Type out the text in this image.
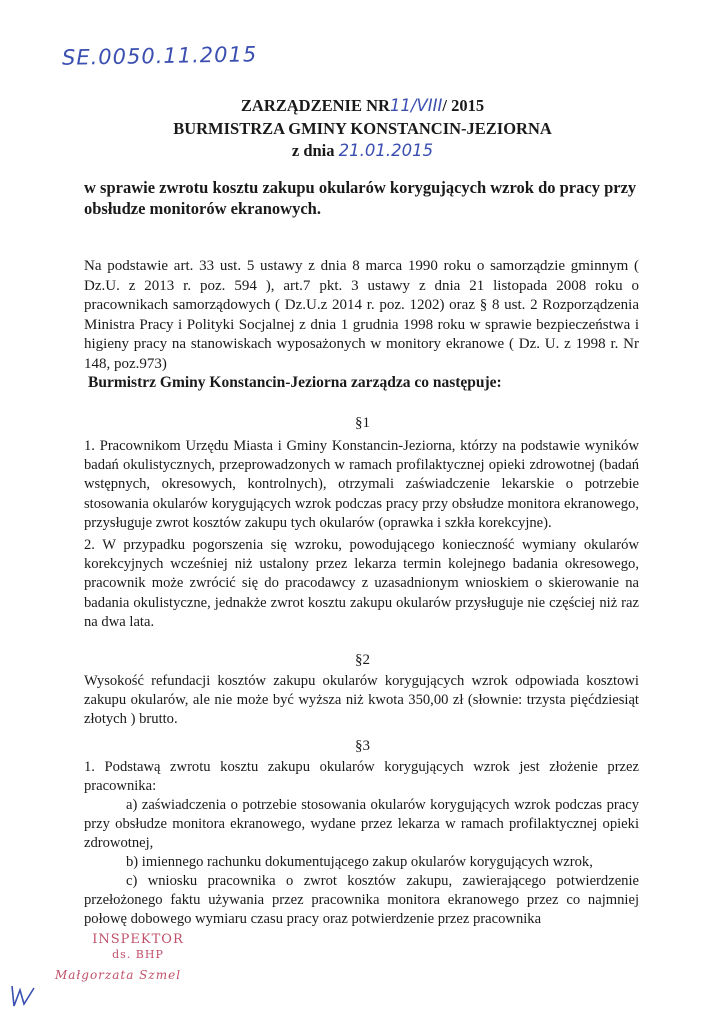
SE.0050.11.2015
ZARZĄDZENIE NR11/VIII/ 2015
BURMISTRZA GMINY KONSTANCIN-JEZIORNA
z dnia 21.01.2015
w sprawie zwrotu kosztu zakupu okularów korygujących wzrok do pracy przy obsłudze monitorów ekranowych.
Na podstawie art. 33 ust. 5 ustawy z dnia 8 marca 1990 roku o samorządzie gminnym ( Dz.U. z 2013 r. poz. 594 ), art.7 pkt. 3 ustawy z dnia 21 listopada 2008 roku o pracownikach samorządowych ( Dz.U.z 2014 r. poz. 1202) oraz § 8 ust. 2 Rozporządzenia Ministra Pracy i Polityki Socjalnej z dnia 1 grudnia 1998 roku w sprawie bezpieczeństwa i higieny pracy na stanowiskach wyposażonych w monitory ekranowe ( Dz. U. z 1998 r. Nr 148, poz.973)
Burmistrz Gminy Konstancin-Jeziorna zarządza co następuje:
§1
1. Pracownikom Urzędu Miasta i Gminy Konstancin-Jeziorna, którzy na podstawie wyników badań okulistycznych, przeprowadzonych w ramach profilaktycznej opieki zdrowotnej (badań wstępnych, okresowych, kontrolnych), otrzymali zaświadczenie lekarskie o potrzebie stosowania okularów korygujących wzrok podczas pracy przy obsłudze monitora ekranowego, przysługuje zwrot kosztów zakupu tych okularów (oprawka i szkła korekcyjne).
2. W przypadku pogorszenia się wzroku, powodującego konieczność wymiany okularów korekcyjnych wcześniej niż ustalony przez lekarza termin kolejnego badania okresowego, pracownik może zwrócić się do pracodawcy z uzasadnionym wnioskiem o skierowanie na badania okulistyczne, jednakże zwrot kosztu zakupu okularów przysługuje nie częściej niż raz na dwa lata.
§2
Wysokość refundacji kosztów zakupu okularów korygujących wzrok odpowiada kosztowi zakupu okularów, ale nie może być wyższa niż kwota 350,00 zł (słownie: trzysta pięćdziesiąt złotych ) brutto.
§3
1. Podstawą zwrotu kosztu zakupu okularów korygujących wzrok jest złożenie przez pracownika:
a) zaświadczenia o potrzebie stosowania okularów korygujących wzrok podczas pracy przy obsłudze monitora ekranowego, wydane przez lekarza w ramach profilaktycznej opieki zdrowotnej,
b) imiennego rachunku dokumentującego zakup okularów korygujących wzrok,
c) wniosku pracownika o zwrot kosztów zakupu, zawierającego potwierdzenie przełożonego faktu używania przez pracownika monitora ekranowego przez co najmniej połowę dobowego wymiaru czasu pracy oraz potwierdzenie przez pracownika
INSPEKTOR
ds. BHP
Małgorzata Szmel
